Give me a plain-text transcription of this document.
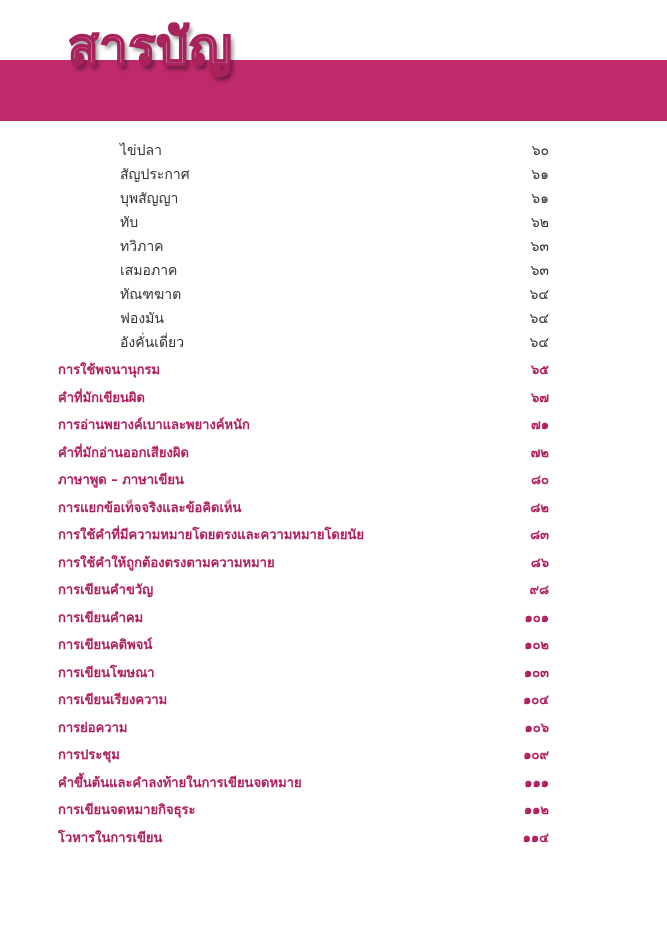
สารบัญ
ไข่ปลา	๖๐
สัญประกาศ	๖๑
บุพสัญญา	๖๑
ทับ	๖๒
ทวิภาค	๖๓
เสมอภาค	๖๓
ทัณฑฆาต	๖๔
ฟองมัน	๖๔
อังคั่นเดี่ยว	๖๔
การใช้พจนานุกรม	๖๕
คำที่มักเขียนผิด	๖๗
การอ่านพยางค์เบาและพยางค์หนัก	๗๑
คำที่มักอ่านออกเสียงผิด	๗๒
ภาษาพูด – ภาษาเขียน	๘๐
การแยกข้อเท็จจริงและข้อคิดเห็น	๘๒
การใช้คำที่มีความหมายโดยตรงและความหมายโดยนัย	๘๓
การใช้คำให้ถูกต้องตรงตามความหมาย	๘๖
การเขียนคำขวัญ	๙๘
การเขียนคำคม	๑๐๑
การเขียนคติพจน์	๑๐๒
การเขียนโฆษณา	๑๐๓
การเขียนเรียงความ	๑๐๔
การย่อความ	๑๐๖
การประชุม	๑๐๙
คำขึ้นต้นและคำลงท้ายในการเขียนจดหมาย	๑๑๑
การเขียนจดหมายกิจธุระ	๑๑๒
โวหารในการเขียน	๑๑๔
